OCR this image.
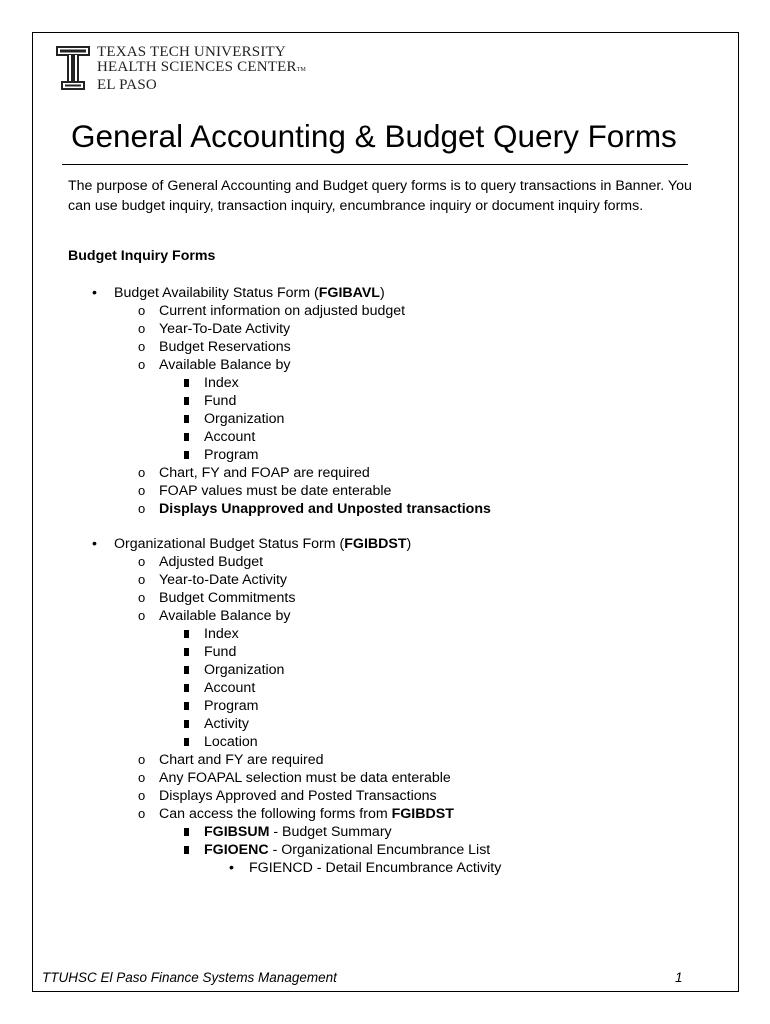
TEXAS TECH UNIVERSITY
HEALTH SCIENCES CENTERTM
EL PASO
General Accounting & Budget Query Forms

The purpose of General Accounting and Budget query forms is to query transactions in Banner. You can use budget inquiry, transaction inquiry, encumbrance inquiry or document inquiry forms.

Budget Inquiry Forms
• Budget Availability Status Form (FGIBAVL)
o Current information on adjusted budget
o Year-To-Date Activity
o Budget Reservations
o Available Balance by
Index
Fund
Organization
Account
Program
o Chart, FY and FOAP are required
o FOAP values must be date enterable
o Displays Unapproved and Unposted transactions
• Organizational Budget Status Form (FGIBDST)
o Adjusted Budget
o Year-to-Date Activity
o Budget Commitments
o Available Balance by
Index
Fund
Organization
Account
Program
Activity
Location
o Chart and FY are required
o Any FOAPAL selection must be data enterable
o Displays Approved and Posted Transactions
o Can access the following forms from FGIBDST
FGIBSUM - Budget Summary
FGIOENC - Organizational Encumbrance List
• FGIENCD - Detail Encumbrance Activity
TTUHSC El Paso Finance Systems Management	1
